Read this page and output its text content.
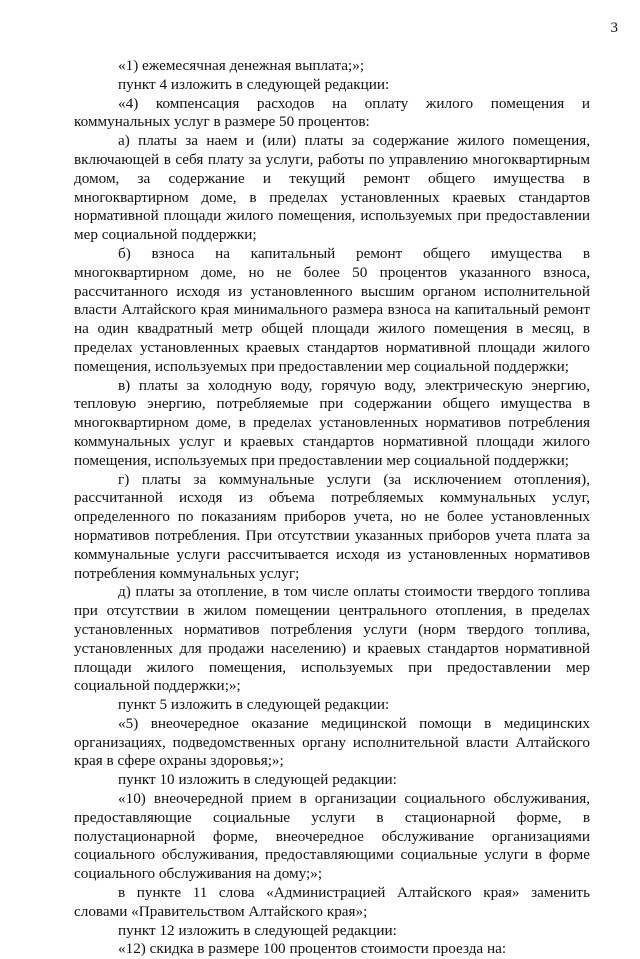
3

«1) ежемесячная денежная выплата;»;

пункт 4 изложить в следующей редакции:

«4) компенсация расходов на оплату жилого помещения и коммунальных услуг в размере 50 процентов:

а) платы за наем и (или) платы за содержание жилого помещения, включающей в себя плату за услуги, работы по управлению многоквартирным домом, за содержание и текущий ремонт общего имущества в многоквартирном доме, в пределах установленных краевых стандартов нормативной площади жилого помещения, используемых при предоставлении мер социальной поддержки;

б) взноса на капитальный ремонт общего имущества в многоквартирном доме, но не более 50 процентов указанного взноса, рассчитанного исходя из установленного высшим органом исполнительной власти Алтайского края минимального размера взноса на капитальный ремонт на один квадратный метр общей площади жилого помещения в месяц, в пределах установленных краевых стандартов нормативной площади жилого помещения, используемых при предоставлении мер социальной поддержки;

в) платы за холодную воду, горячую воду, электрическую энергию, тепловую энергию, потребляемые при содержании общего имущества в многоквартирном доме, в пределах установленных нормативов потребления коммунальных услуг и краевых стандартов нормативной площади жилого помещения, используемых при предоставлении мер социальной поддержки;

г) платы за коммунальные услуги (за исключением отопления), рассчитанной исходя из объема потребляемых коммунальных услуг, определенного по показаниям приборов учета, но не более установленных нормативов потребления. При отсутствии указанных приборов учета плата за коммунальные услуги рассчитывается исходя из установленных нормативов потребления коммунальных услуг;

д) платы за отопление, в том числе оплаты стоимости твердого топлива при отсутствии в жилом помещении центрального отопления, в пределах установленных нормативов потребления услуги (норм твердого топлива, установленных для продажи населению) и краевых стандартов нормативной площади жилого помещения, используемых при предоставлении мер социальной поддержки;»;

пункт 5 изложить в следующей редакции:

«5) внеочередное оказание медицинской помощи в медицинских организациях, подведомственных органу исполнительной власти Алтайского края в сфере охраны здоровья;»;

пункт 10 изложить в следующей редакции:

«10) внеочередной прием в организации социального обслуживания, предоставляющие социальные услуги в стационарной форме, в полустационарной форме, внеочередное обслуживание организациями социального обслуживания, предоставляющими социальные услуги в форме социального обслуживания на дому;»;

в пункте 11 слова «Администрацией Алтайского края» заменить словами «Правительством Алтайского края»;

пункт 12 изложить в следующей редакции:

«12) скидка в размере 100 процентов стоимости проезда на:
